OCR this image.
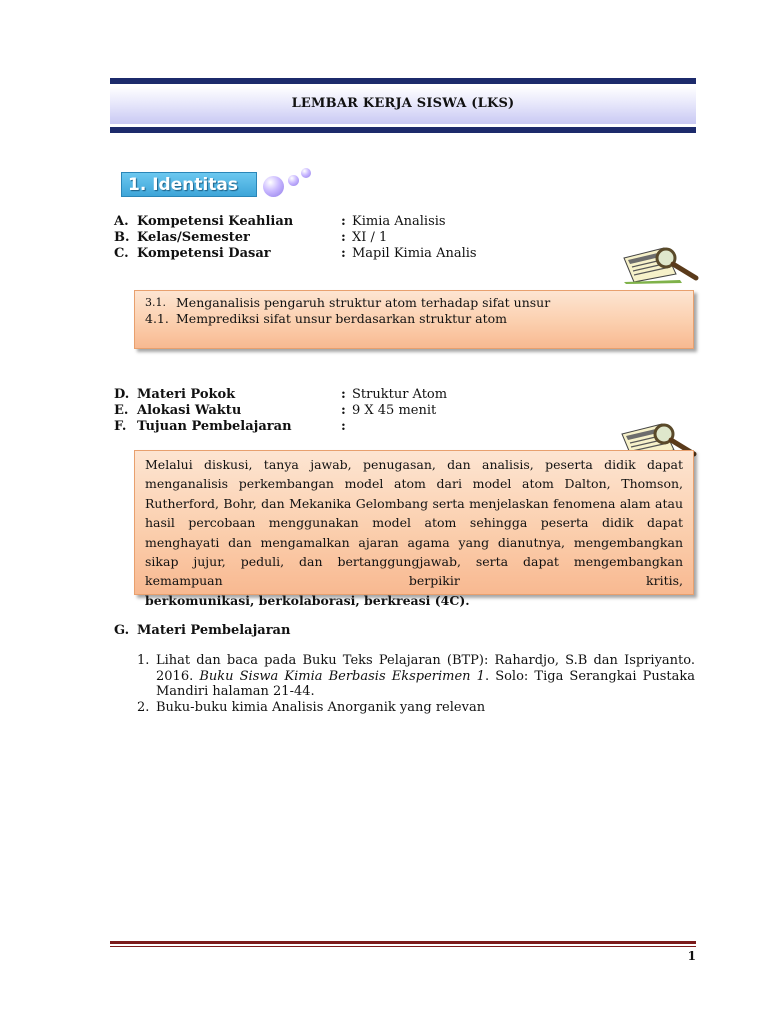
LEMBAR KERJA SISWA (LKS)
1. Identitas
A. Kompetensi Keahlian	: Kimia Analisis
B. Kelas/Semester	: XI / 1
C. Kompetensi Dasar	: Mapil Kimia Analis
3.1. Menganalisis pengaruh struktur atom terhadap sifat unsur
4.1. Memprediksi sifat unsur berdasarkan struktur atom
D. Materi Pokok	: Struktur Atom
E. Alokasi Waktu	: 9 X 45 menit
F. Tujuan Pembelajaran	:
Melalui diskusi, tanya jawab, penugasan, dan analisis, peserta didik dapat menganalisis perkembangan model atom dari model atom Dalton, Thomson, Rutherford, Bohr, dan Mekanika Gelombang serta menjelaskan fenomena alam atau hasil percobaan menggunakan model atom sehingga peserta didik dapat menghayati dan mengamalkan ajaran agama yang dianutnya, mengembangkan sikap jujur, peduli, dan bertanggungjawab, serta dapat mengembangkan kemampuan berpikir kritis,
berkomunikasi, berkolaborasi, berkreasi (4C).
G. Materi Pembelajaran
1. Lihat dan baca pada Buku Teks Pelajaran (BTP): Rahardjo, S.B dan Ispriyanto. 2016. Buku Siswa Kimia Berbasis Eksperimen 1. Solo: Tiga Serangkai Pustaka Mandiri halaman 21-44.
2. Buku-buku kimia Analisis Anorganik yang relevan
1
